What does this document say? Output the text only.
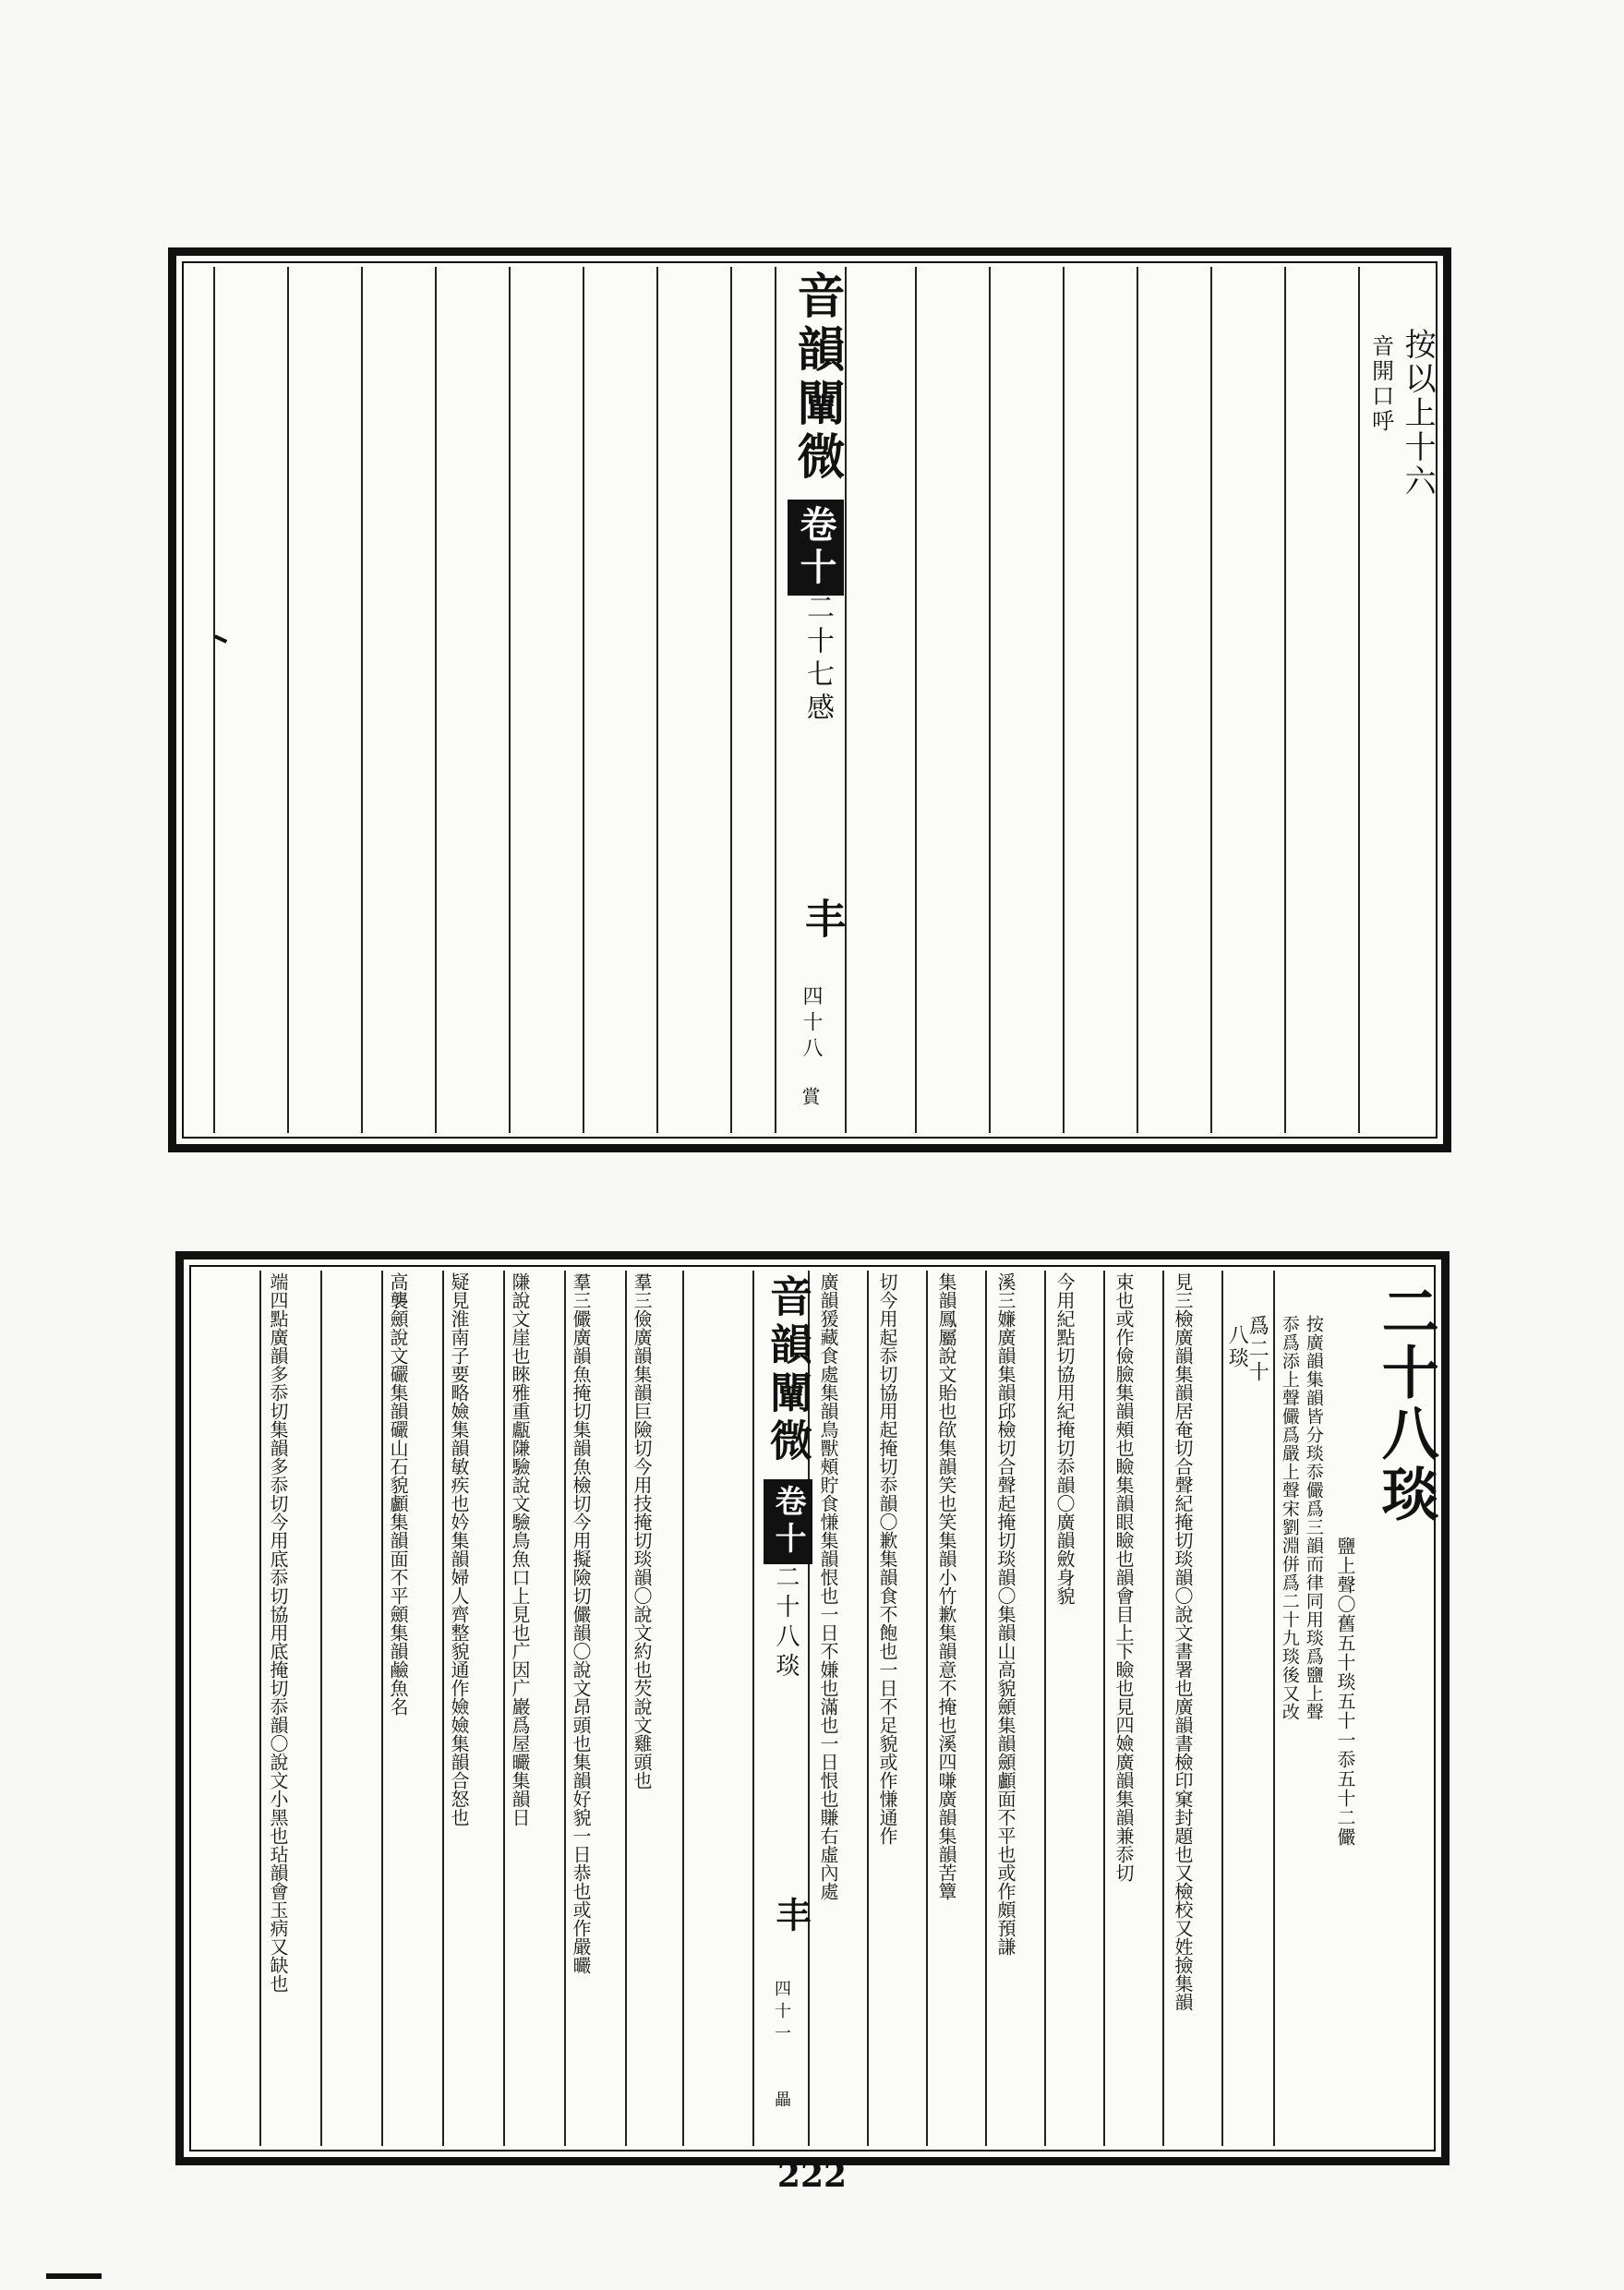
音韻闡微
卷十
二十七感
丰
四十八
賞
按以上十六
音開口呼
二十八琰
鹽上聲〇舊五十琰五十一忝五十二儼
按廣韻集韻皆分琰忝儼爲三韻而律同用琰爲鹽上聲
忝爲添上聲儼爲嚴上聲宋劉淵併爲二十九琰後又改
爲二十
八琰
見三檢廣韻集韻居奄切合聲紀掩切琰韻〇說文書署也廣韻書檢印窠封題也又檢校又姓撿集韻
束也或作儉臉集韻頰也瞼集韻眼瞼也韻會目上下瞼也見四嬐廣韻集韻兼忝切
今用紀點切協用紀掩切忝韻〇廣韻斂身貌
溪三嬚廣韻集韻邱檢切合聲起掩切琰韻〇集韻山高貌顩集韻顩顱面不平也或作頗預謙
集韻鳳屬說文貽也欿集韻笑也笑集韻小竹歉集韻意不掩也溪四嗛廣韻集韻苦簟
切今用起忝切協用起掩切忝韻〇歉集韻食不飽也一日不足貌或作慊通作
廣韻猨藏食處集韻鳥獸頰貯食慊集韻恨也一日不嫌也滿也一日恨也賺右虛內處
音韻闡微
卷十
二十八琰
丰
四十一
畾
羣三儉廣韻集韻巨險切今用技掩切琰韻〇說文約也芡說文雞頭也
羣三儼廣韻魚掩切集韻魚檢切今用擬險切儼韻〇說文昂頭也集韻好貌一日恭也或作嚴曮
隒說文崖也睞雅重甗隒驗說文驗鳥魚口上見也广因广巖爲屋曮集韻日
疑見淮南子要略嬐集韻敏疾也妗集韻婦人齊整貌通作嬐嬐集韻合怒也
高襲顩說文礹集韻礹山石貌顱集韻面不平顩集韻鹼魚名
端四點廣韻多忝切集韻多忝切今用底忝切協用底掩切忝韻〇說文小黑也玷韻會玉病又缺也
222
